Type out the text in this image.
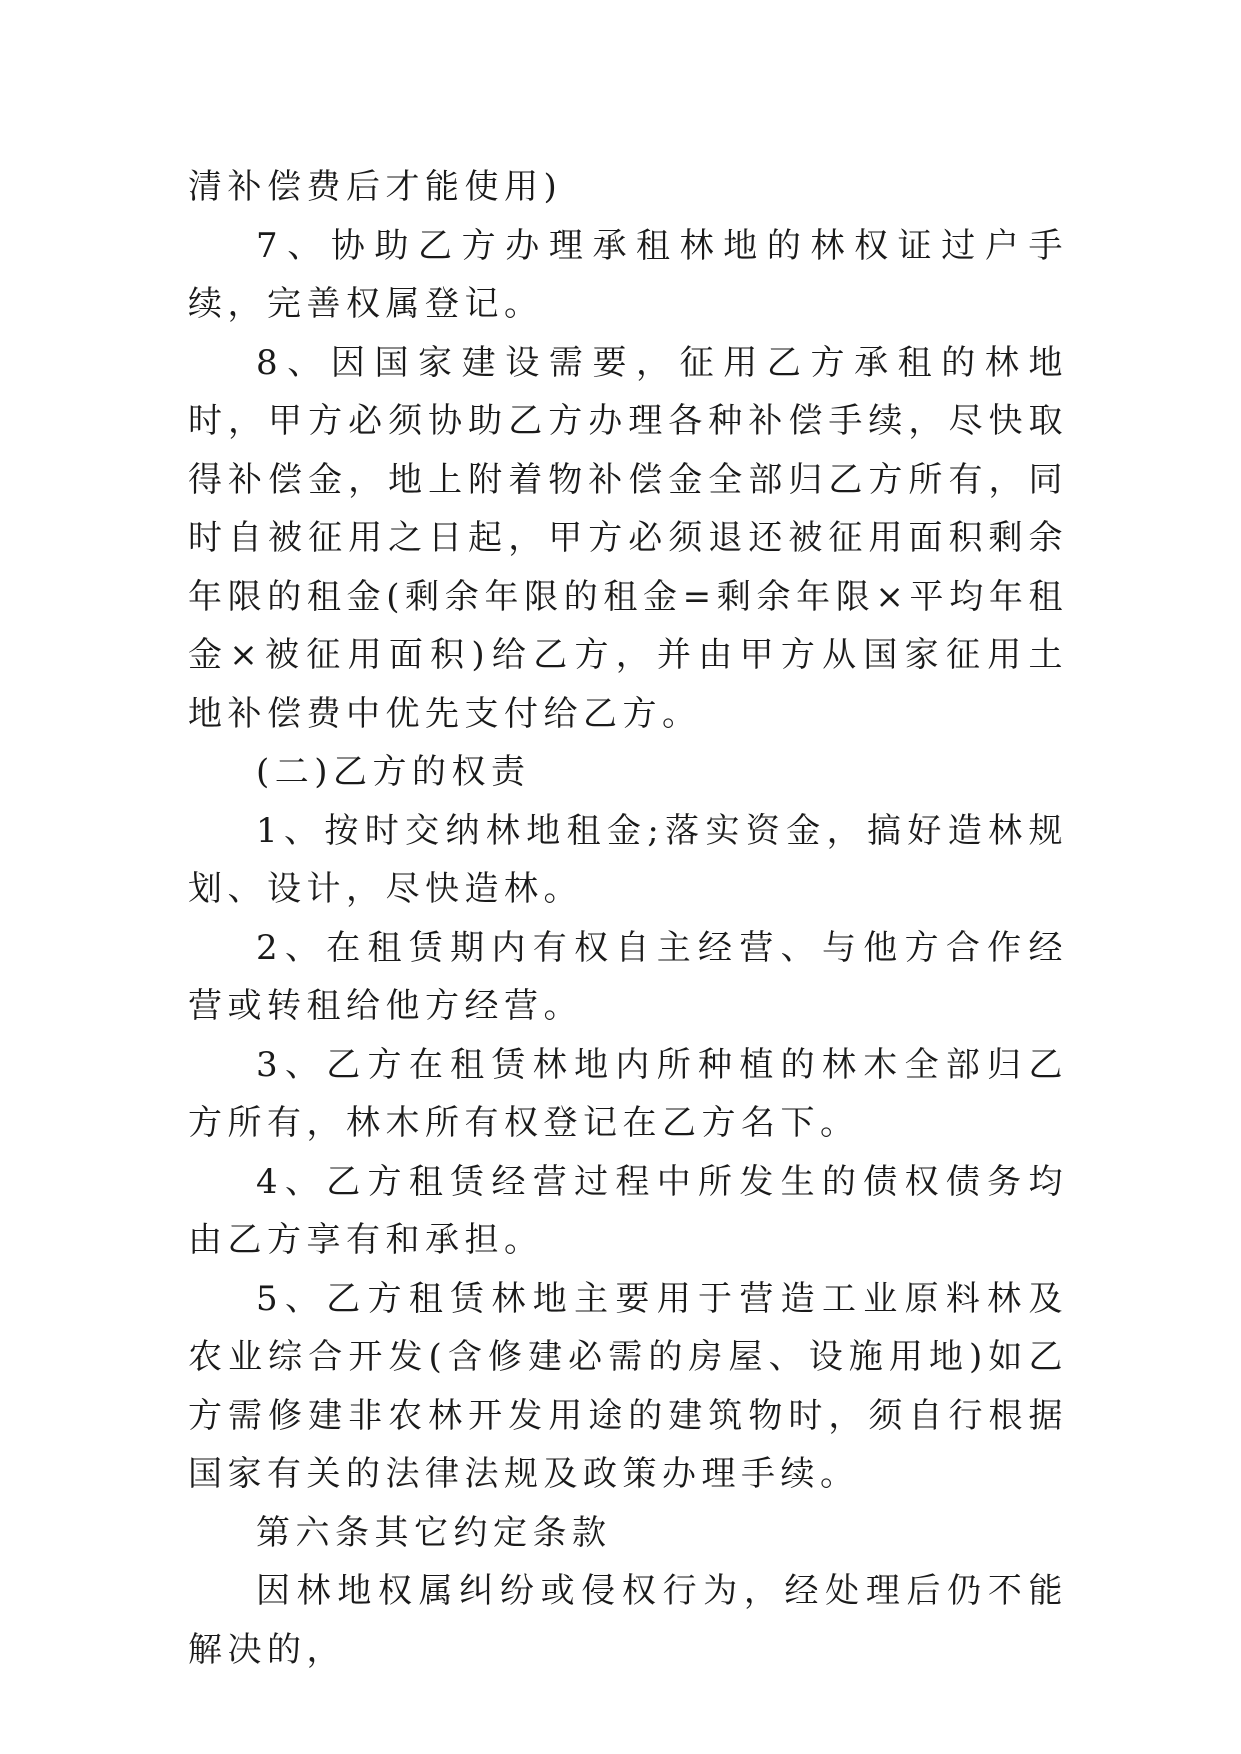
清补偿费后才能使用)

7、协助乙方办理承租林地的林权证过户手续，完善权属登记。

8、因国家建设需要，征用乙方承租的林地时，甲方必须协助乙方办理各种补偿手续，尽快取得补偿金，地上附着物补偿金全部归乙方所有，同时自被征用之日起，甲方必须退还被征用面积剩余年限的租金(剩余年限的租金=剩余年限×平均年租金×被征用面积)给乙方，并由甲方从国家征用土地补偿费中优先支付给乙方。

(二)乙方的权责

1、按时交纳林地租金;落实资金，搞好造林规划、设计，尽快造林。

2、在租赁期内有权自主经营、与他方合作经营或转租给他方经营。

3、乙方在租赁林地内所种植的林木全部归乙方所有，林木所有权登记在乙方名下。

4、乙方租赁经营过程中所发生的债权债务均由乙方享有和承担。

5、乙方租赁林地主要用于营造工业原料林及农业综合开发(含修建必需的房屋、设施用地)如乙方需修建非农林开发用途的建筑物时，须自行根据国家有关的法律法规及政策办理手续。

第六条其它约定条款

因林地权属纠纷或侵权行为，经处理后仍不能解决的，
